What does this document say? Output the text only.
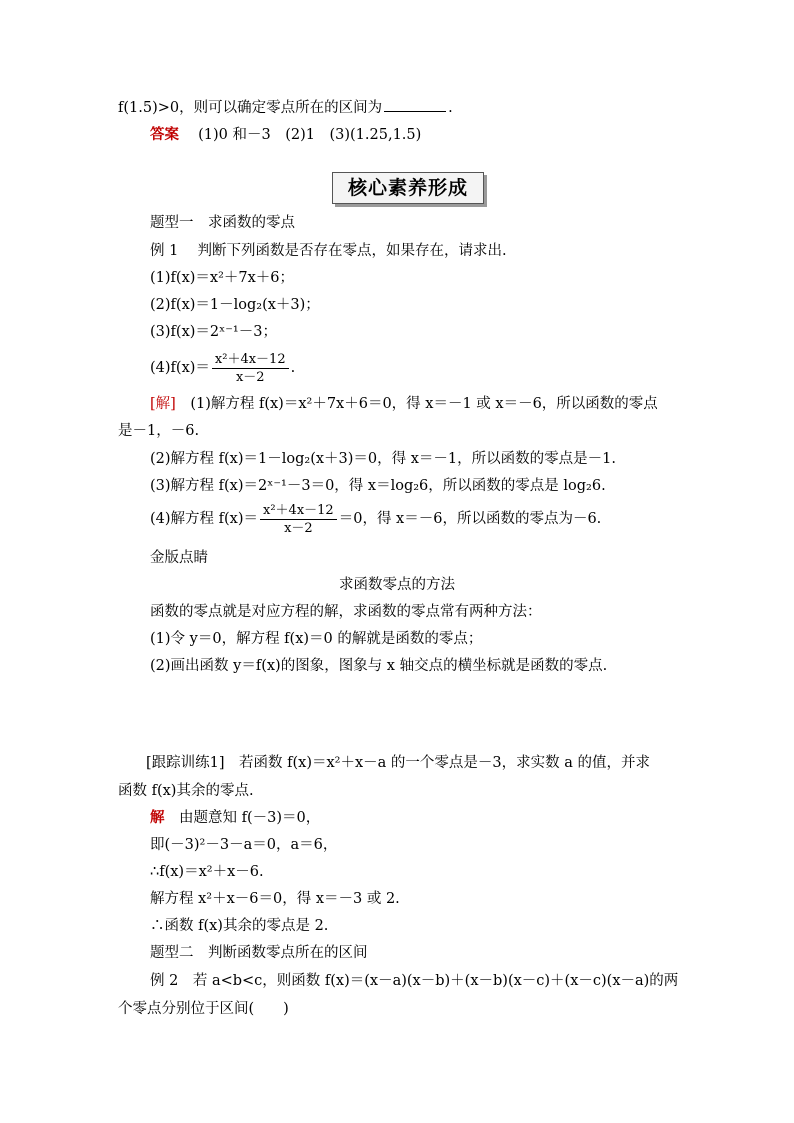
f(1.5)>0，则可以确定零点所在的区间为	.
答案　 (1)0 和－3　(2)1　(3)(1.25,1.5)
核心素养形成
题型一　求函数的零点
例 1　 判断下列函数是否存在零点，如果存在，请求出.
(1)f(x)＝x²＋7x＋6；
(2)f(x)＝1－log₂(x＋3)；
(3)f(x)＝2ˣ⁻¹－3；
$(4)f(x)= \frac{\text{x²＋4x－12}}{x-2}$ .
[解]　 (1)解方程 f(x)＝x²＋7x＋6＝0，得 x＝－1 或 x＝－6，所以函数的零点
是－1，－6.
(2)解方程 f(x)＝1－log₂(x＋3)＝0，得 x＝－1，所以函数的零点是－1.
(3)解方程 f(x)＝2ˣ⁻¹－3＝0，得 x＝log₂6，所以函数的零点是 log₂6.
(4)解方程 $f(x)= \frac{\text{x²＋4x－12}}{x-2} =0$，得 x＝－6，所以函数的零点为－6.
金版点睛
求函数零点的方法
函数的零点就是对应方程的解，求函数的零点常有两种方法：
(1)令 y＝0，解方程 f(x)＝0 的解就是函数的零点；
(2)画出函数 y＝f(x)的图象，图象与 x 轴交点的横坐标就是函数的零点.
[跟踪训练1]　若函数 f(x)＝x²＋x－a 的一个零点是－3，求实数 a 的值，并求
函数 f(x)其余的零点.
解　 由题意知 f(－3)＝0，
即(－3)²－3－a＝0，a＝6，
∴f(x)＝x²＋x－6.
解方程 x²＋x－6＝0，得 x＝－3 或 2.
∴函数 f(x)其余的零点是 2.
题型二　判断函数零点所在的区间
例 2　若 a<b<c，则函数 f(x)＝(x－a)(x－b)＋(x－b)(x－c)＋(x－c)(x－a)的两
个零点分别位于区间(　　)
